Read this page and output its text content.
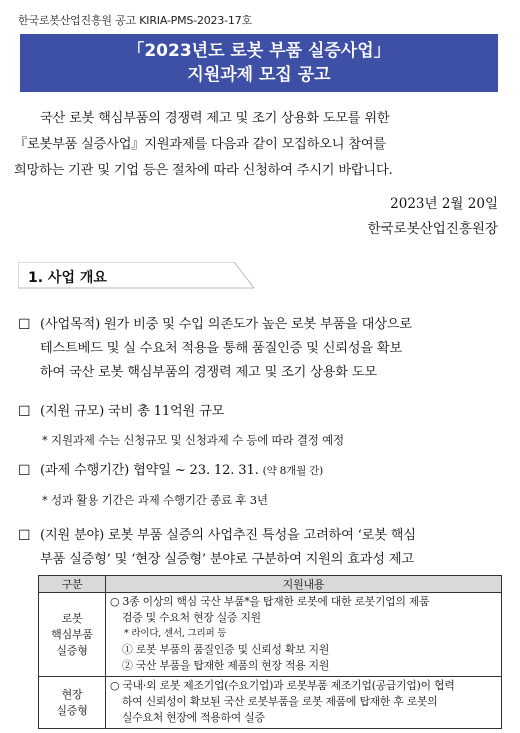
한국로봇산업진흥원 공고 KIRIA-PMS-2023-17호
「2023년도 로봇 부품 실증사업」
지원과제 모집 공고

국산 로봇 핵심부품의 경쟁력 제고 및 조기 상용화 도모를 위한

『로봇부품 실증사업』지원과제를 다음과 같이 모집하오니 참여를

희망하는 기관 및 기업 등은 절차에 따라 신청하여 주시기 바랍니다.

2023년 2월 20일
한국로봇산업진흥원장
1. 사업 개요
☐ (사업목적) 원가 비중 및 수입 의존도가 높은 로봇 부품을 대상으로
테스트베드 및 실 수요처 적용을 통해 품질인증 및 신뢰성을 확보
하여 국산 로봇 핵심부품의 경쟁력 제고 및 조기 상용화 도모
☐ (지원 규모) 국비 총 11억원 규모
* 지원과제 수는 신청규모 및 신청과제 수 등에 따라 결정 예정
☐ (과제 수행기간) 협약일 ~ 23. 12. 31. (약 8개월 간)
* 성과 활용 기간은 과제 수행기간 종료 후 3년
☐ (지원 분야) 로봇 부품 실증의 사업추진 특성을 고려하여 ‘로봇 핵심
부품 실증형’ 및 ‘현장 실증형’ 분야로 구분하여 지원의 효과성 제고
구분	지원내용

로봇
핵심부품
실증형	○ 3종 이상의 핵심 국산 부품*을 탑재한 로봇에 대한 로봇기업의 제품
검증 및 수요처 현장 실증 지원
* 라이다, 센서, 그리퍼 등
① 로봇 부품의 품질인증 및 신뢰성 확보 지원
② 국산 부품을 탑재한 제품의 현장 적용 지원

현장
실증형	○ 국내·외 로봇 제조기업(수요기업)과 로봇부품 제조기업(공급기업)이 협력
하여 신뢰성이 확보된 국산 로봇부품을 로봇 제품에 탑재한 후 로봇의
실수요처 현장에 적용하여 실증
